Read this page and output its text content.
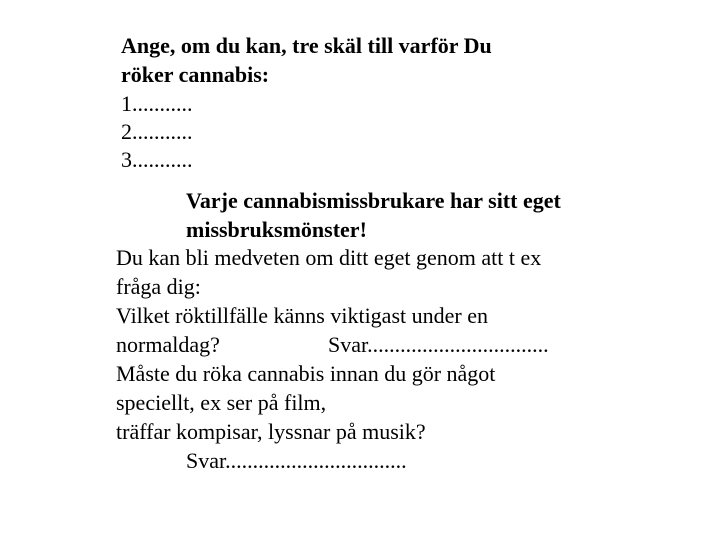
Ange, om du kan, tre skäl till varför Du
röker cannabis:
1...........
2...........
3...........
Varje cannabismissbrukare har sitt eget
missbruksmönster!
Du kan bli medveten om ditt eget genom att t ex
fråga dig:
Vilket röktillfälle känns viktigast under en
normaldag?	Svar.................................
Måste du röka cannabis innan du gör något
speciellt, ex ser på film,
träffar kompisar, lyssnar på musik?
Svar.................................
